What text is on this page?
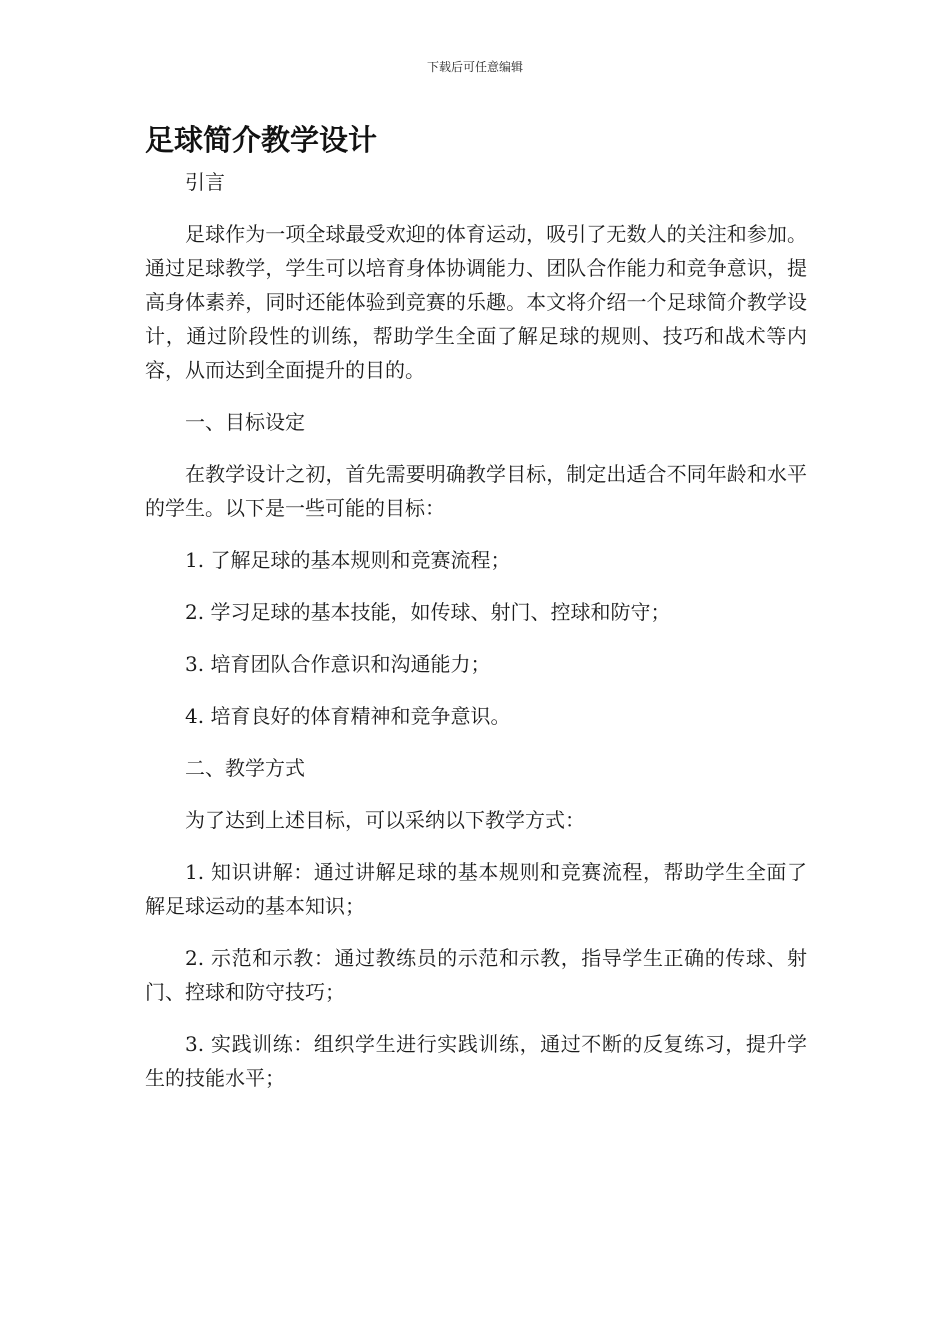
下载后可任意编辑
足球简介教学设计

引言

足球作为一项全球最受欢迎的体育运动，吸引了无数人的关注和参加。通过足球教学，学生可以培育身体协调能力、团队合作能力和竞争意识，提高身体素养，同时还能体验到竞赛的乐趣。本文将介绍一个足球简介教学设计，通过阶段性的训练，帮助学生全面了解足球的规则、技巧和战术等内容，从而达到全面提升的目的。

一、目标设定

在教学设计之初，首先需要明确教学目标，制定出适合不同年龄和水平的学生。以下是一些可能的目标：

1. 了解足球的基本规则和竞赛流程；

2. 学习足球的基本技能，如传球、射门、控球和防守；

3. 培育团队合作意识和沟通能力；

4. 培育良好的体育精神和竞争意识。

二、教学方式

为了达到上述目标，可以采纳以下教学方式：

1. 知识讲解：通过讲解足球的基本规则和竞赛流程，帮助学生全面了解足球运动的基本知识；

2. 示范和示教：通过教练员的示范和示教，指导学生正确的传球、射门、控球和防守技巧；

3. 实践训练：组织学生进行实践训练，通过不断的反复练习，提升学生的技能水平；
